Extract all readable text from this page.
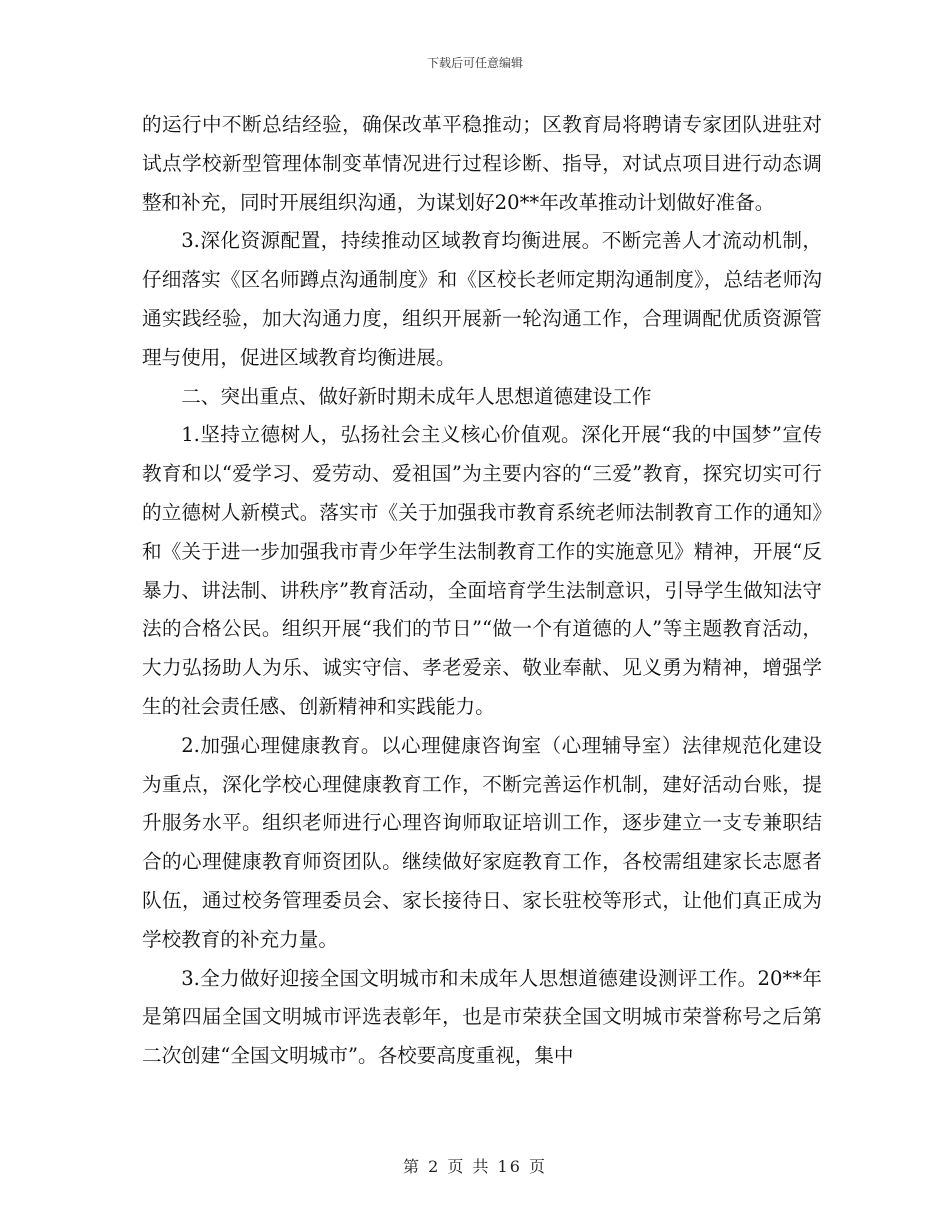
下载后可任意编辑

的运行中不断总结经验，确保改革平稳推动；区教育局将聘请专家团队进驻对试点学校新型管理体制变革情况进行过程诊断、指导，对试点项目进行动态调整和补充，同时开展组织沟通，为谋划好20**年改革推动计划做好准备。

3.深化资源配置，持续推动区域教育均衡进展。不断完善人才流动机制，仔细落实《区名师蹲点沟通制度》和《区校长老师定期沟通制度》，总结老师沟通实践经验，加大沟通力度，组织开展新一轮沟通工作，合理调配优质资源管理与使用，促进区域教育均衡进展。

二、突出重点、做好新时期未成年人思想道德建设工作

1.坚持立德树人，弘扬社会主义核心价值观。深化开展“我的中国梦”宣传教育和以“爱学习、爱劳动、爱祖国”为主要内容的“三爱”教育，探究切实可行的立德树人新模式。落实市《关于加强我市教育系统老师法制教育工作的通知》和《关于进一步加强我市青少年学生法制教育工作的实施意见》精神，开展“反暴力、讲法制、讲秩序”教育活动，全面培育学生法制意识，引导学生做知法守法的合格公民。组织开展“我们的节日”“做一个有道德的人”等主题教育活动，大力弘扬助人为乐、诚实守信、孝老爱亲、敬业奉献、见义勇为精神，增强学生的社会责任感、创新精神和实践能力。

2.加强心理健康教育。以心理健康咨询室（心理辅导室）法律规范化建设为重点，深化学校心理健康教育工作，不断完善运作机制，建好活动台账，提升服务水平。组织老师进行心理咨询师取证培训工作，逐步建立一支专兼职结合的心理健康教育师资团队。继续做好家庭教育工作，各校需组建家长志愿者队伍，通过校务管理委员会、家长接待日、家长驻校等形式，让他们真正成为学校教育的补充力量。

3.全力做好迎接全国文明城市和未成年人思想道德建设测评工作。20**年是第四届全国文明城市评选表彰年，也是市荣获全国文明城市荣誉称号之后第二次创建“全国文明城市”。各校要高度重视，集中

第 2 页 共 16 页
